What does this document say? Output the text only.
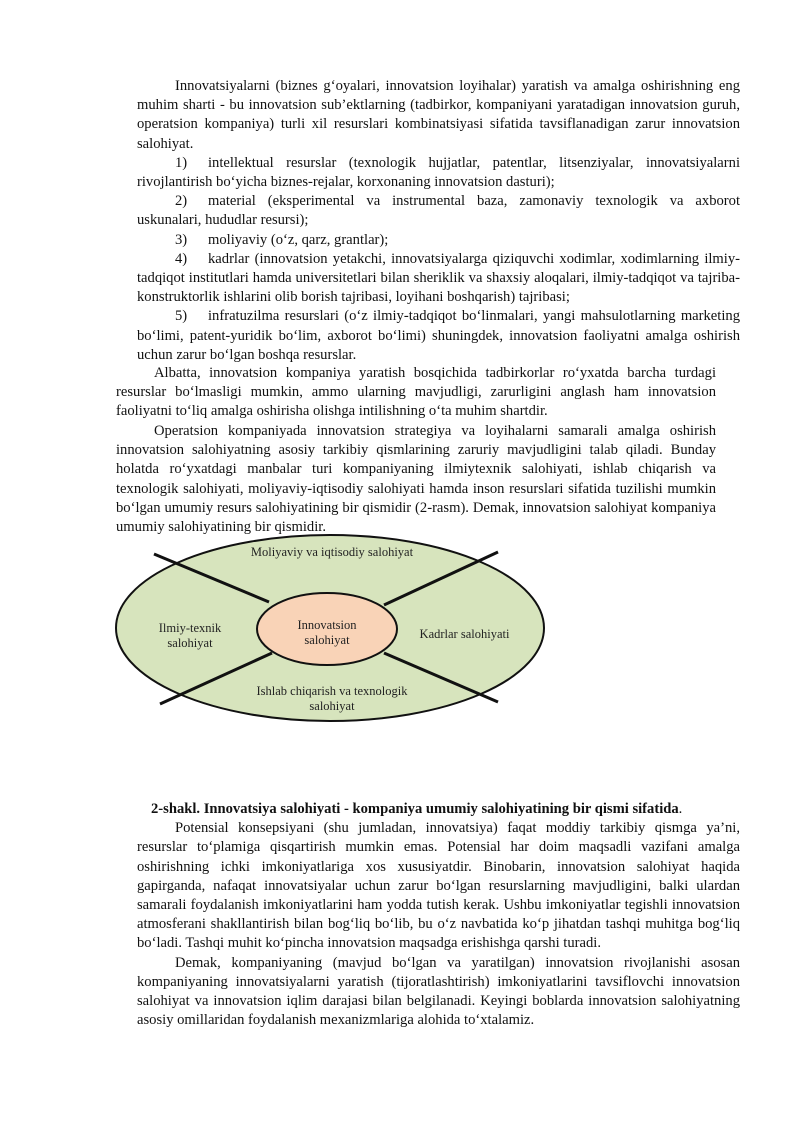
Innovatsiyalarni (biznes g‘oyalari, innovatsion loyihalar) yaratish va amalga oshirishning eng muhim sharti - bu innovatsion sub’ektlarning (tadbirkor, kompaniyani yaratadigan innovatsion guruh, operatsion kompaniya) turli xil resurslari kombinatsiyasi sifatida tavsiflanadigan zarur innovatsion salohiyat.

1) intellektual resurslar (texnologik hujjatlar, patentlar, litsenziyalar, innovatsiyalarni rivojlantirish bo‘yicha biznes-rejalar, korxonaning innovatsion dasturi);

2) material (eksperimental va instrumental baza, zamonaviy texnologik va axborot uskunalari, hududlar resursi);

3) moliyaviy (o‘z, qarz, grantlar);

4) kadrlar (innovatsion yetakchi, innovatsiyalarga qiziquvchi xodimlar, xodimlarning ilmiy-tadqiqot institutlari hamda universitetlari bilan sheriklik va shaxsiy aloqalari, ilmiy-tadqiqot va tajriba-konstruktorlik ishlarini olib borish tajribasi, loyihani boshqarish) tajribasi;

5) infratuzilma resurslari (o‘z ilmiy-tadqiqot bo‘linmalari, yangi mahsulotlarning marketing bo‘limi, patent-yuridik bo‘lim, axborot bo‘limi) shuningdek, innovatsion faoliyatni amalga oshirish uchun zarur bo‘lgan boshqa resurslar.

Albatta, innovatsion kompaniya yaratish bosqichida tadbirkorlar ro‘yxatda barcha turdagi resurslar bo‘lmasligi mumkin, ammo ularning mavjudligi, zarurligini anglash ham innovatsion faoliyatni to‘liq amalga oshirisha olishga intilishning o‘ta muhim shartdir.

Operatsion kompaniyada innovatsion strategiya va loyihalarni samarali amalga oshirish innovatsion salohiyatning asosiy tarkibiy qismlarining zaruriy mavjudligini talab qiladi. Bunday holatda ro‘yxatdagi manbalar turi kompaniyaning ilmiytexnik salohiyati, ishlab chiqarish va texnologik salohiyati, moliyaviy-iqtisodiy salohiyati hamda inson resurslari sifatida tuzilishi mumkin bo‘lgan umumiy resurs salohiyatining bir qismidir (2-rasm). Demak, innovatsion salohiyat kompaniya umumiy salohiyatining bir qismidir.

Moliyaviy va iqtisodiy salohiyat
Ilmiy-texnik salohiyat
Kadrlar salohiyati
Ishlab chiqarish va texnologik salohiyat
Innovatsion salohiyat

2-shakl. Innovatsiya salohiyati - kompaniya umumiy salohiyatining bir qismi sifatida.

Potensial konsepsiyani (shu jumladan, innovatsiya) faqat moddiy tarkibiy qismga ya’ni, resurslar to‘plamiga qisqartirish mumkin emas. Potensial har doim maqsadli vazifani amalga oshirishning ichki imkoniyatlariga xos xususiyatdir. Binobarin, innovatsion salohiyat haqida gapirganda, nafaqat innovatsiyalar uchun zarur bo‘lgan resurslarning mavjudligini, balki ulardan samarali foydalanish imkoniyatlarini ham yodda tutish kerak. Ushbu imkoniyatlar tegishli innovatsion atmosferani shakllantirish bilan bog‘liq bo‘lib, bu o‘z navbatida ko‘p jihatdan tashqi muhitga bog‘liq bo‘ladi. Tashqi muhit ko‘pincha innovatsion maqsadga erishishga qarshi turadi.

Demak, kompaniyaning (mavjud bo‘lgan va yaratilgan) innovatsion rivojlanishi asosan kompaniyaning innovatsiyalarni yaratish (tijoratlashtirish) imkoniyatlarini tavsiflovchi innovatsion salohiyat va innovatsion iqlim darajasi bilan belgilanadi. Keyingi boblarda innovatsion salohiyatning asosiy omillaridan foydalanish mexanizmlariga alohida to‘xtalamiz.
